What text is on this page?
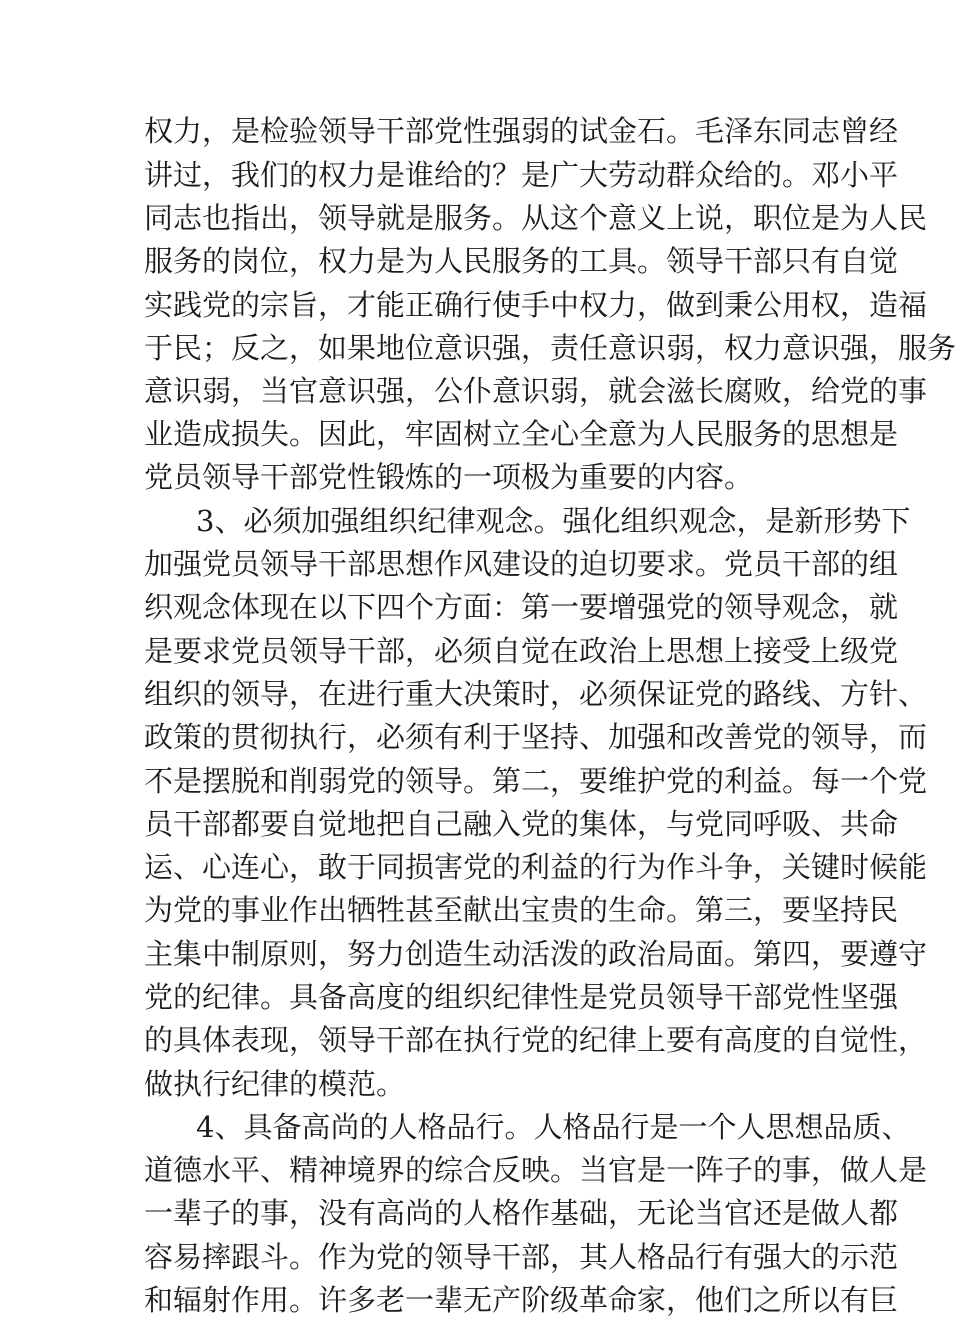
权力，是检验领导干部党性强弱的试金石。毛泽东同志曾经
讲过，我们的权力是谁给的？是广大劳动群众给的。邓小平
同志也指出，领导就是服务。从这个意义上说，职位是为人民
服务的岗位，权力是为人民服务的工具。领导干部只有自觉
实践党的宗旨，才能正确行使手中权力，做到秉公用权，造福
于民；反之，如果地位意识强，责任意识弱，权力意识强，服务
意识弱，当官意识强，公仆意识弱，就会滋长腐败，给党的事
业造成损失。因此，牢固树立全心全意为人民服务的思想是
党员领导干部党性锻炼的一项极为重要的内容。
3、必须加强组织纪律观念。强化组织观念，是新形势下
加强党员领导干部思想作风建设的迫切要求。党员干部的组
织观念体现在以下四个方面：第一要增强党的领导观念，就
是要求党员领导干部，必须自觉在政治上思想上接受上级党
组织的领导，在进行重大决策时，必须保证党的路线、方针、
政策的贯彻执行，必须有利于坚持、加强和改善党的领导，而
不是摆脱和削弱党的领导。第二，要维护党的利益。每一个党
员干部都要自觉地把自己融入党的集体，与党同呼吸、共命
运、心连心，敢于同损害党的利益的行为作斗争，关键时候能
为党的事业作出牺牲甚至献出宝贵的生命。第三，要坚持民
主集中制原则，努力创造生动活泼的政治局面。第四，要遵守
党的纪律。具备高度的组织纪律性是党员领导干部党性坚强
的具体表现，领导干部在执行党的纪律上要有高度的自觉性，
做执行纪律的模范。
4、具备高尚的人格品行。人格品行是一个人思想品质、
道德水平、精神境界的综合反映。当官是一阵子的事，做人是
一辈子的事，没有高尚的人格作基础，无论当官还是做人都
容易摔跟斗。作为党的领导干部，其人格品行有强大的示范
和辐射作用。许多老一辈无产阶级革命家，他们之所以有巨
